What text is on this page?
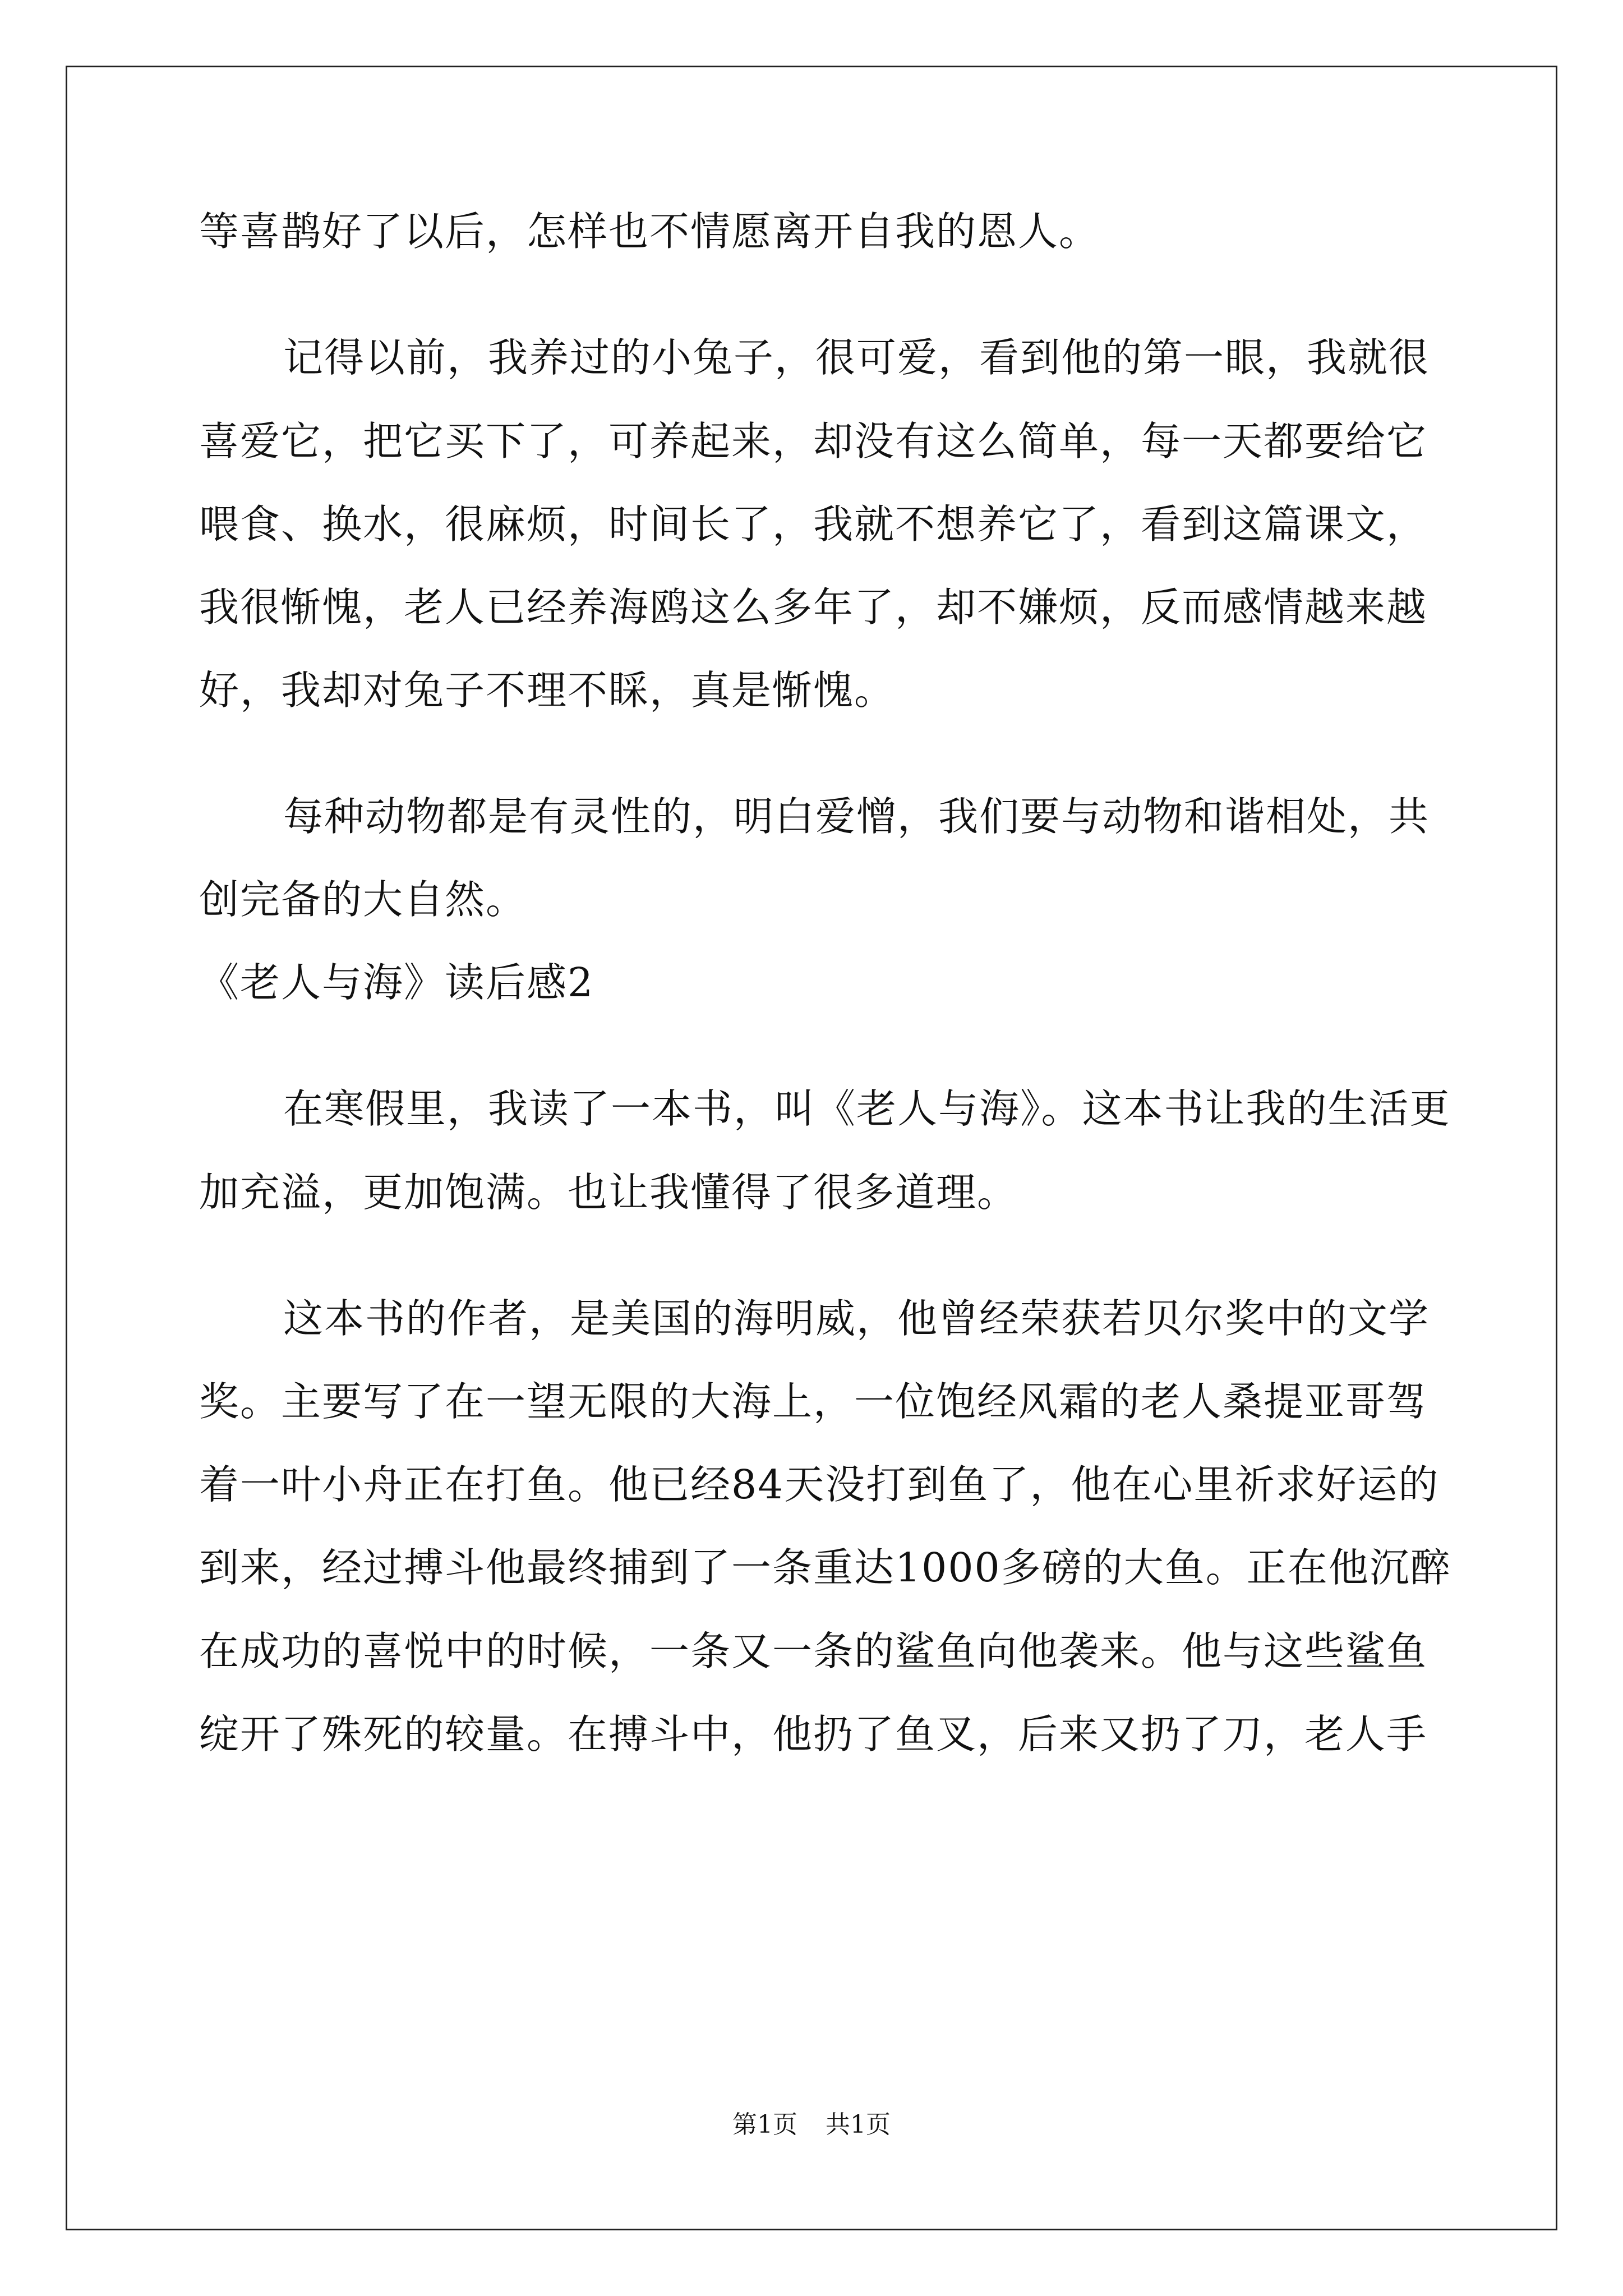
等喜鹊好了以后，怎样也不情愿离开自我的恩人。
记得以前，我养过的小兔子，很可爱，看到他的第一眼，我就很
喜爱它，把它买下了，可养起来，却没有这么简单，每一天都要给它
喂食、换水，很麻烦，时间长了，我就不想养它了，看到这篇课文，
我很惭愧，老人已经养海鸥这么多年了，却不嫌烦，反而感情越来越
好，我却对兔子不理不睬，真是惭愧。
每种动物都是有灵性的，明白爱憎，我们要与动物和谐相处，共
创完备的大自然。
《老人与海》读后感2
在寒假里，我读了一本书，叫《老人与海》。这本书让我的生活更
加充溢，更加饱满。也让我懂得了很多道理。
这本书的作者，是美国的海明威，他曾经荣获若贝尔奖中的文学
奖。主要写了在一望无限的大海上，一位饱经风霜的老人桑提亚哥驾
着一叶小舟正在打鱼。他已经84天没打到鱼了，他在心里祈求好运的
到来，经过搏斗他最终捕到了一条重达1000多磅的大鱼。正在他沉醉
在成功的喜悦中的时候，一条又一条的鲨鱼向他袭来。他与这些鲨鱼
绽开了殊死的较量。在搏斗中，他扔了鱼叉，后来又扔了刀，老人手
第1页 共1页
